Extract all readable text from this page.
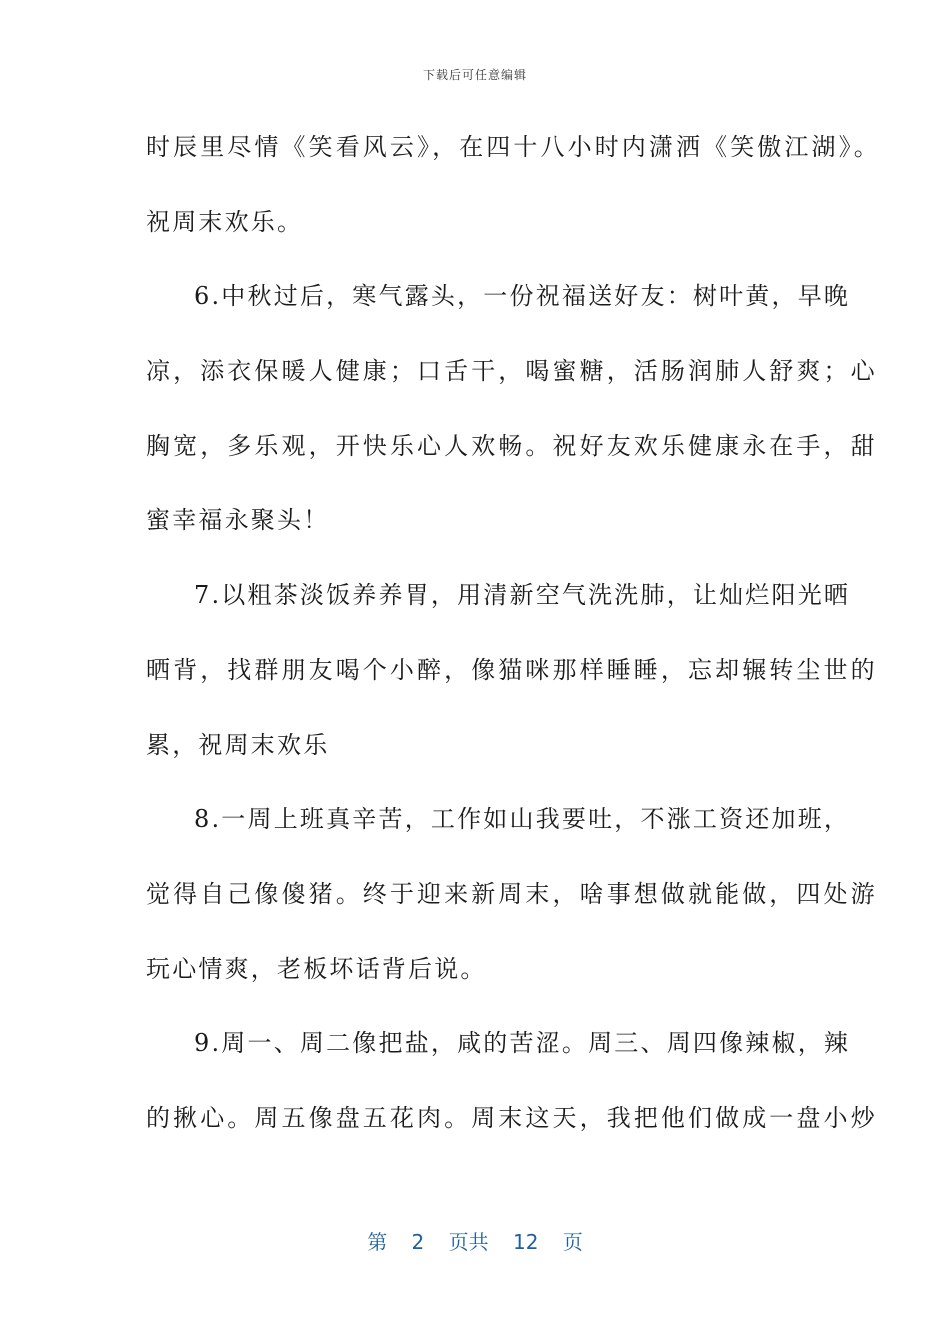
下载后可任意编辑
时辰里尽情《笑看风云》，在四十八小时内潇洒《笑傲江湖》。
祝周末欢乐。
6.中秋过后，寒气露头，一份祝福送好友：树叶黄，早晚
凉，添衣保暖人健康；口舌干，喝蜜糖，活肠润肺人舒爽；心
胸宽，多乐观，开快乐心人欢畅。祝好友欢乐健康永在手，甜
蜜幸福永聚头！
7.以粗茶淡饭养养胃，用清新空气洗洗肺，让灿烂阳光晒
晒背，找群朋友喝个小醉，像猫咪那样睡睡，忘却辗转尘世的
累，祝周末欢乐
8.一周上班真辛苦，工作如山我要吐，不涨工资还加班，
觉得自己像傻猪。终于迎来新周末，啥事想做就能做，四处游
玩心情爽，老板坏话背后说。
9.周一、周二像把盐，咸的苦涩。周三、周四像辣椒，辣
的揪心。周五像盘五花肉。周末这天，我把他们做成一盘小炒
第 2 页共 12 页
